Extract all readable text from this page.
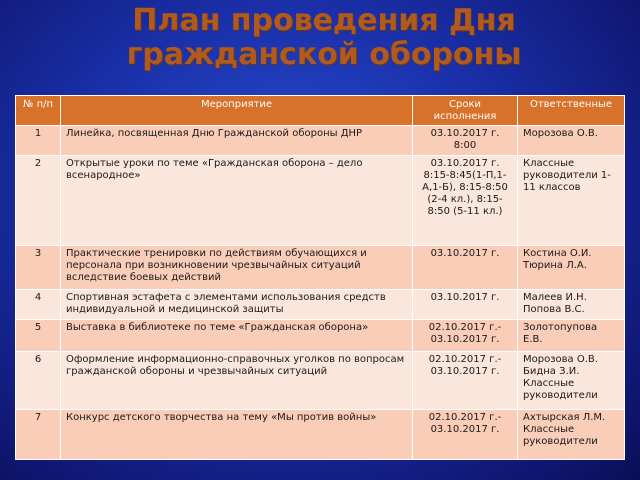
План проведения Дня
гражданской обороны
№ п/п	Мероприятие	Сроки исполнения	Ответственные
1	Линейка, посвященная Дню Гражданской обороны ДНР	03.10.2017 г. 8:00	Морозова О.В.
2	Открытые уроки по теме «Гражданская оборона – дело всенародное»	03.10.2017 г. 8:15-8:45(1-П,1-А,1-Б), 8:15-8:50 (2-4 кл.), 8:15-8:50 (5-11 кл.)	Классные руководители 1-11 классов
3	Практические тренировки по действиям обучающихся и персонала при возникновении чрезвычайных ситуаций вследствие боевых действий	03.10.2017 г.	Костина О.И. Тюрина Л.А.
4	Спортивная эстафета с элементами использования средств индивидуальной и медицинской защиты	03.10.2017 г.	Малеев И.Н. Попова В.С.
5	Выставка в библиотеке по теме «Гражданская оборона»	02.10.2017 г.- 03.10.2017 г.	Золотопупова Е.В.
6	Оформление информационно-справочных уголков по вопросам гражданской обороны и чрезвычайных ситуаций	02.10.2017 г.- 03.10.2017 г.	Морозова О.В. Бидна З.И. Классные руководители
7	Конкурс детского творчества на тему «Мы против войны»	02.10.2017 г.- 03.10.2017 г.	Ахтырская Л.М. Классные руководители
